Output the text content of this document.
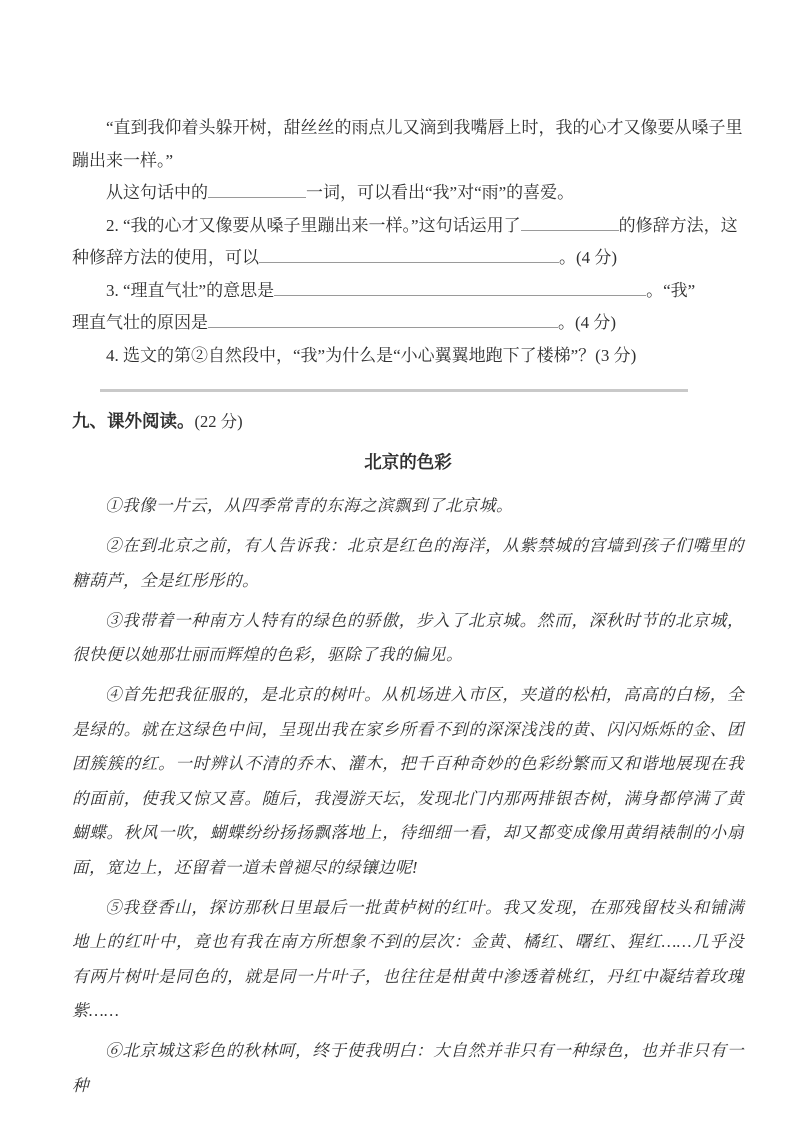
“直到我仰着头躲开树，甜丝丝的雨点儿又滴到我嘴唇上时，我的心才又像要从嗓子里
蹦出来一样。”
从这句话中的	一词，可以看出“我”对“雨”的喜爱。
2. “我的心才又像要从嗓子里蹦出来一样。”这句话运用了	的修辞方法，这
种修辞方法的使用，可以	。(4 分)
3. “理直气壮”的意思是	。“我”
理直气壮的原因是	。(4 分)
4. 选文的第②自然段中，“我”为什么是“小心翼翼地跑下了楼梯”？(3 分)
九、课外阅读。(22 分)
北京的色彩

①我像一片云，从四季常青的东海之滨飘到了北京城。

②在到北京之前，有人告诉我：北京是红色的海洋，从紫禁城的宫墙到孩子们嘴里的糖葫芦，全是红彤彤的。

③我带着一种南方人特有的绿色的骄傲，步入了北京城。然而，深秋时节的北京城，很快便以她那壮丽而辉煌的色彩，驱除了我的偏见。

④首先把我征服的，是北京的树叶。从机场进入市区，夹道的松柏，高高的白杨，全是绿的。就在这绿色中间，呈现出我在家乡所看不到的深深浅浅的黄、闪闪烁烁的金、团团簇簇的红。一时辨认不清的乔木、灌木，把千百种奇妙的色彩纷繁而又和谐地展现在我的面前，使我又惊又喜。随后，我漫游天坛，发现北门内那两排银杏树，满身都停满了黄蝴蝶。秋风一吹，蝴蝶纷纷扬扬飘落地上，待细细一看，却又都变成像用黄绢裱制的小扇面，宽边上，还留着一道未曾褪尽的绿镶边呢!

⑤我登香山，探访那秋日里最后一批黄栌树的红叶。我又发现，在那残留枝头和铺满地上的红叶中，竟也有我在南方所想象不到的层次：金黄、橘红、曙红、猩红……几乎没有两片树叶是同色的，就是同一片叶子，也往往是柑黄中渗透着桃红，丹红中凝结着玫瑰紫……

⑥北京城这彩色的秋林呵，终于使我明白：大自然并非只有一种绿色，也并非只有一种
